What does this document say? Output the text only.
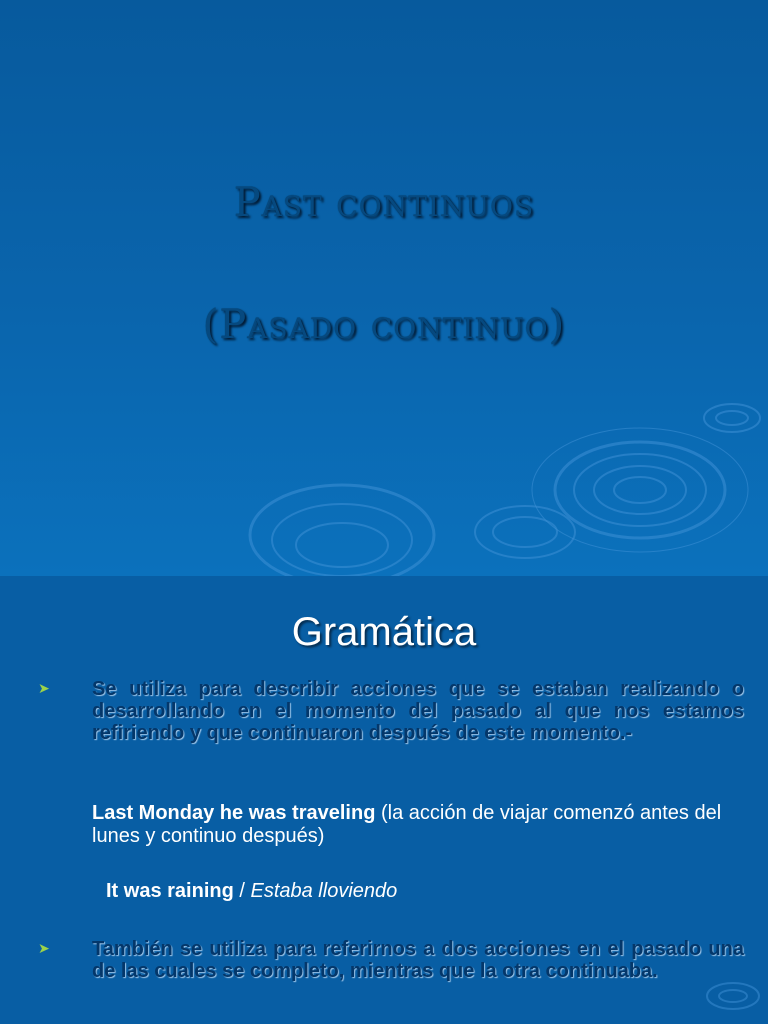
Past continuos
(Pasado continuo)
Gramática
➤ Se utiliza para describir acciones que se estaban realizando o desarrollando en el momento del pasado al que nos estamos refiriendo y que continuaron después de este momento.-
Last Monday he was traveling (la acción de viajar comenzó antes del lunes y continuo después)
It was raining / Estaba lloviendo
➤ También se utiliza para referirnos a dos acciones en el pasado una de las cuales se completo, mientras que la otra continuaba.
